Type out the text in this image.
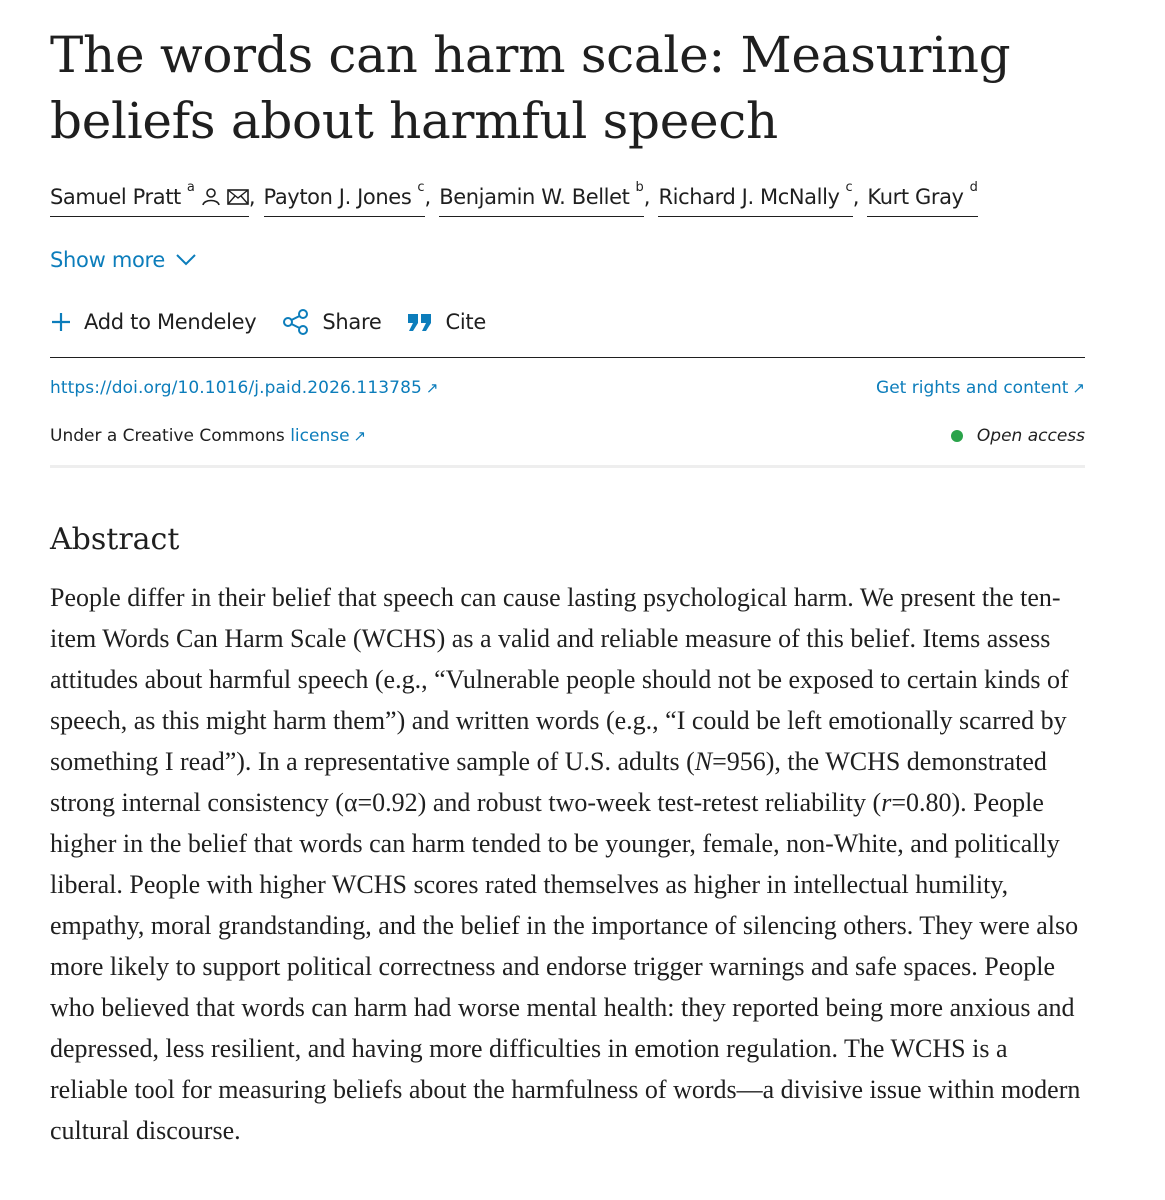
The words can harm scale: Measuring beliefs about harmful speech
Samuel Pratt $^a$	, Payton J. Jones $^c$ , Benjamin W. Bellet $^b$ , Richard J. McNally $^c$ , Kurt Gray $^d$
Show more
Add to Mendeley	Share	Cite
https://doi.org/10.1016/j.paid.2026.113785 ↗	Get rights and content ↗
Under a Creative Commons license ↗	Open access
Abstract

People differ in their belief that speech can cause lasting psychological harm. We present the ten-item Words Can Harm Scale (WCHS) as a valid and reliable measure of this belief. Items assess attitudes about harmful speech (e.g., “Vulnerable people should not be exposed to certain kinds of speech, as this might harm them”) and written words (e.g., “I could be left emotionally scarred by something I read”). In a representative sample of U.S. adults (N=956), the WCHS demonstrated strong internal consistency (α=0.92) and robust two-week test-retest reliability (r=0.80). People higher in the belief that words can harm tended to be younger, female, non-White, and politically liberal. People with higher WCHS scores rated themselves as higher in intellectual humility, empathy, moral grandstanding, and the belief in the importance of silencing others. They were also more likely to support political correctness and endorse trigger warnings and safe spaces. People who believed that words can harm had worse mental health: they reported being more anxious and depressed, less resilient, and having more difficulties in emotion regulation. The WCHS is a reliable tool for measuring beliefs about the harmfulness of words—a divisive issue within modern cultural discourse.
